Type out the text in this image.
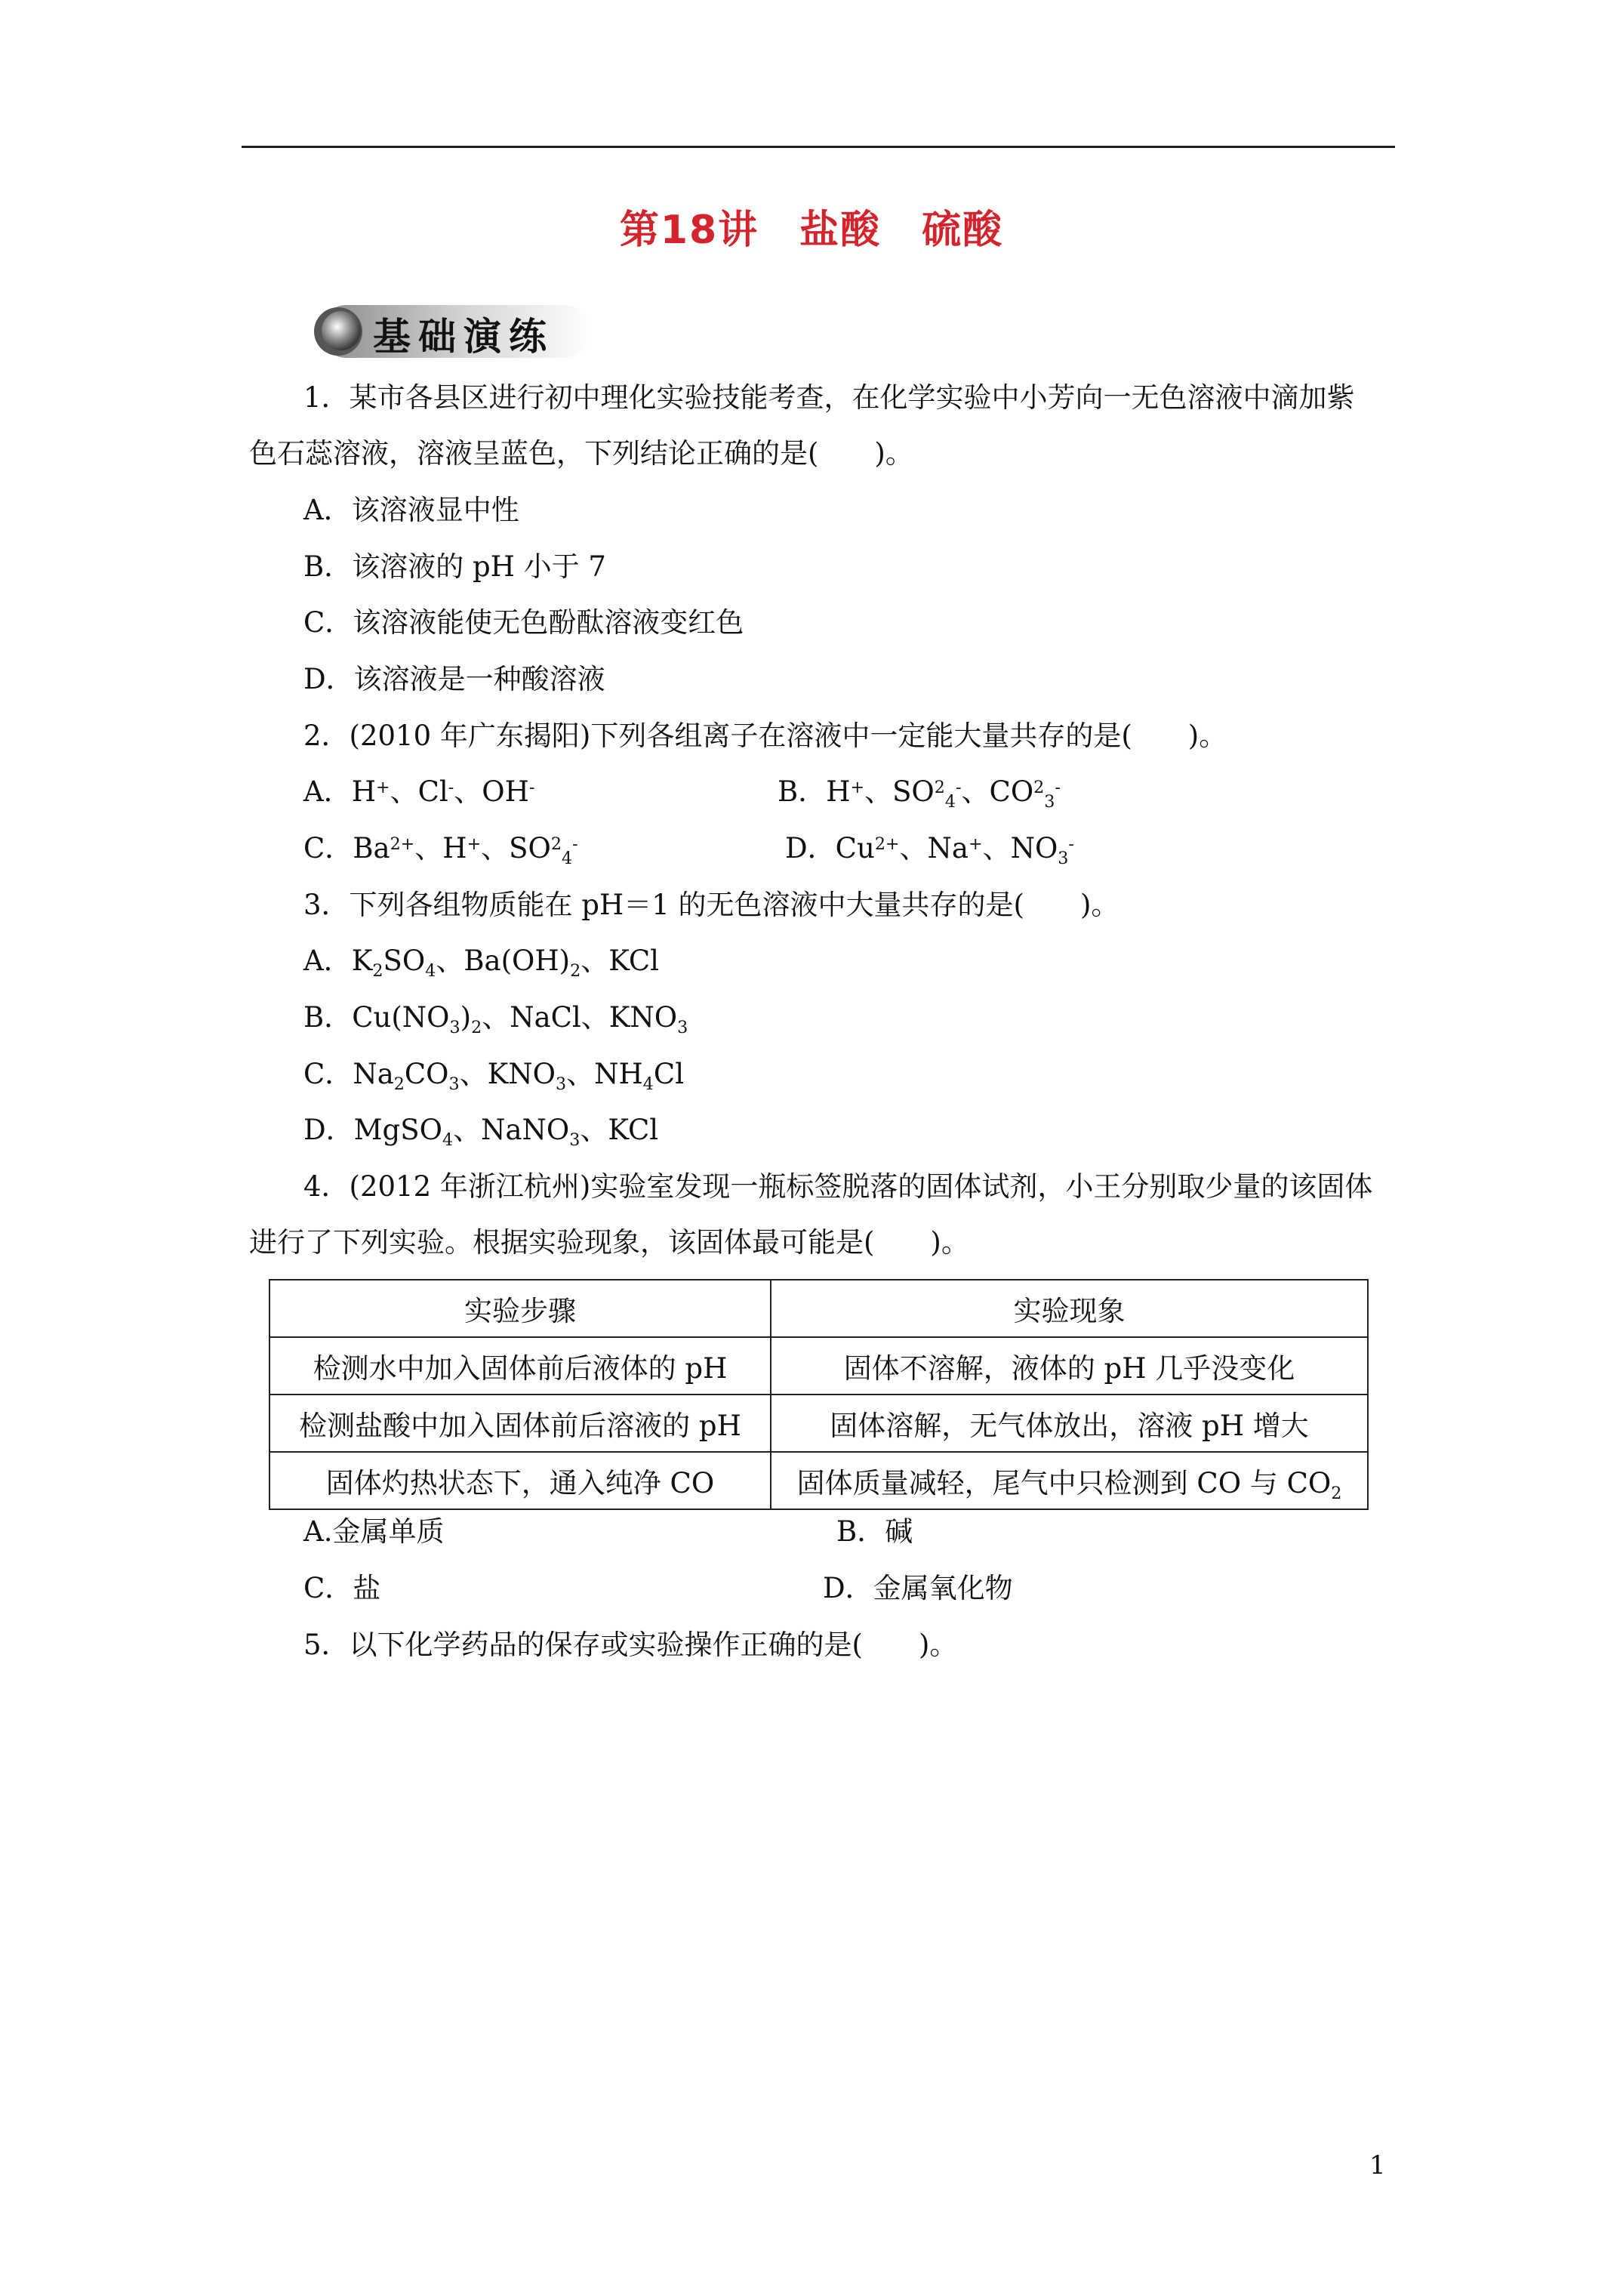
第18讲　盐酸　硫酸
基础演练
1．某市各县区进行初中理化实验技能考查，在化学实验中小芳向一无色溶液中滴加紫
色石蕊溶液，溶液呈蓝色，下列结论正确的是(　　)。
A．该溶液显中性
B．该溶液的 pH 小于 7
C．该溶液能使无色酚酞溶液变红色
D．该溶液是一种酸溶液
2．(2010 年广东揭阳)下列各组离子在溶液中一定能大量共存的是(　　)。
A．H+、Cl-、OH-	B．H+、$SO^2_4^-$、$CO^2_3^-$
C．$Ba^{2+}$、H+、$SO^2_4^-$	D．$Cu^{2+}$、Na+、$NO_3^-$
3．下列各组物质能在 pH＝1 的无色溶液中大量共存的是(　　)。
A．$K_2SO_4$、$Ba(OH)_2$、KCl
B．$Cu(NO_3)_2$、NaCl、$KNO_3$
C．$Na_2CO_3$、$KNO_3$、$NH_4Cl$
D．MgSO$_4$、NaNO$_3$、KCl
4．(2012 年浙江杭州)实验室发现一瓶标签脱落的固体试剂，小王分别取少量的该固体
进行了下列实验。根据实验现象，该固体最可能是(　　)。
实验步骤	实验现象
检测水中加入固体前后液体的 pH	固体不溶解，液体的 pH 几乎没变化
检测盐酸中加入固体前后溶液的 pH	固体溶解，无气体放出，溶液 pH 增大
固体灼热状态下，通入纯净 CO	固体质量减轻，尾气中只检测到 CO 与 $CO_2$
A.金属单质	B．碱
C．盐	D．金属氧化物
5．以下化学药品的保存或实验操作正确的是(　　)。
1
